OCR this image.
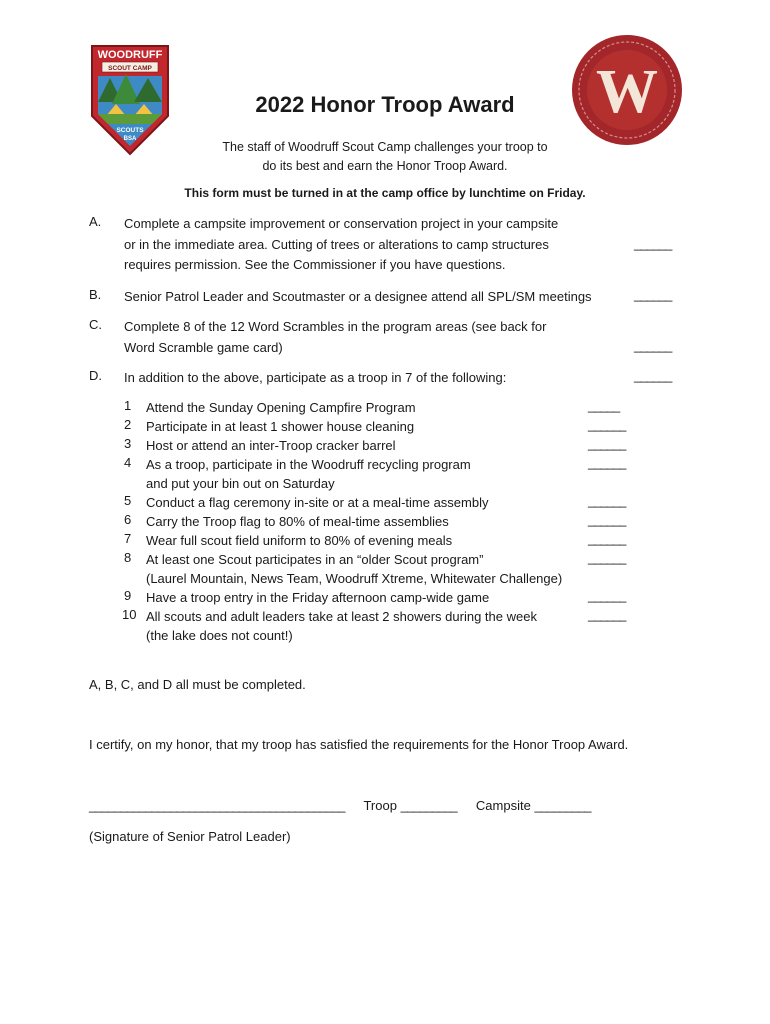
WOODRUFF
SCOUT CAMP
SCOUTS
BSA
W
2022 Honor Troop Award
The staff of Woodruff Scout Camp challenges your troop to
do its best and earn the Honor Troop Award.
This form must be turned in at the camp office by lunchtime on Friday.
A. Complete a campsite improvement or conservation project in your campsite
or in the immediate area. Cutting of trees or alterations to camp structures
requires permission. See the Commissioner if you have questions.
______
B. Senior Patrol Leader and Scoutmaster or a designee attend all SPL/SM meetings	______
C. Complete 8 of the 12 Word Scrambles in the program areas (see back for
Word Scramble game card)	______
D. In addition to the above, participate as a troop in 7 of the following:	______
1	Attend the Sunday Opening Campfire Program	_____
2	Participate in at least 1 shower house cleaning	______
3	Host or attend an inter-Troop cracker barrel	______
4	As a troop, participate in the Woodruff recycling program
and put your bin out on Saturday
______
5	Conduct a flag ceremony in-site or at a meal-time assembly	______
6	Carry the Troop flag to 80% of meal-time assemblies	______
7	Wear full scout field uniform to 80% of evening meals	______
8	At least one Scout participates in an “older Scout program”
(Laurel Mountain, News Team, Woodruff Xtreme, Whitewater Challenge)
______
9	Have a troop entry in the Friday afternoon camp-wide game	______
10 All scouts and adult leaders take at least 2 showers during the week
(the lake does not count!)
______
A, B, C, and D all must be completed.
I certify, on my honor, that my troop has satisfied the requirements for the Honor Troop Award.
_________________________________________ Troop _________ Campsite _________
(Signature of Senior Patrol Leader)
